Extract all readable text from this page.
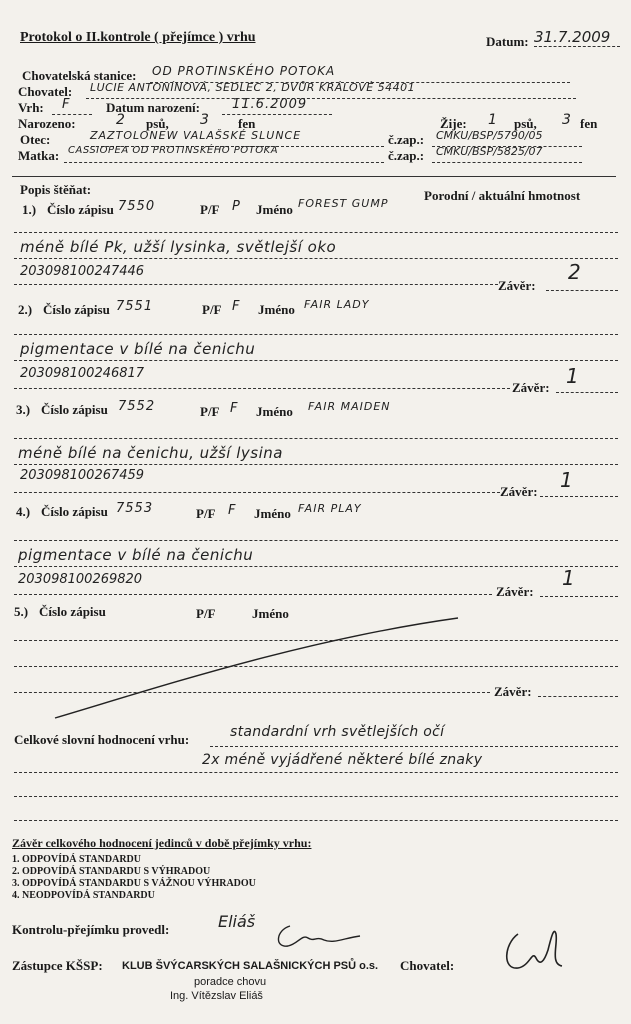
Protokol o II.kontrole ( přejímce ) vrhu	Datum: 31.7.2009
Chovatelská stanice: OD PROTINSKÉHO POTOKA
Chovatel: LUCIE ANTONÍNOVÁ, SEDLEC 2, DVŮR KRÁLOVÉ 54401
Vrh: F	Datum narození: 11.6.2009
Narozeno:	2 psů, 3 fen	Žije: 1 psů, 3 fen
Otec:	ZAZTOLONEW VALAŠSKÉ SLUNCE	č.zap.: CMKU/BSP/5790/05
Matka: CASSIOPEA OD PROTINSKÉHO POTOKA	č.zap.: CMKU/BSP/5825/07
Popis štěňat:	Porodní / aktuální hmotnost
1.) Číslo zápisu 7550	P/F P Jméno FOREST GUMP
méně bílé Pk, užší lysinka, světlejší oko
203098100247446
Závěr:
2
2.) Číslo zápisu 7551	P/F F Jméno FAIR LADY
pigmentace v bílé na čenichu
203098100246817
Závěr: 1
3.) Číslo zápisu 7552	P/F F Jméno FAIR MAIDEN
méně bílé na čenichu, užší lysina
203098100267459
Závěr: 1
4.) Číslo zápisu 7553	P/F F Jméno FAIR PLAY
pigmentace v bílé na čenichu
203098100269820
Závěr:
1
5.) Číslo zápisu	P/F	Jméno
Závěr:
Celkové slovní hodnocení vrhu:	standardní vrh světlejších očí
2x méně vyjádřené některé bílé znaky
Závěr celkového hodnocení jedinců v době přejímky vrhu:
1. ODPOVÍDÁ STANDARDU
2. ODPOVÍDÁ STANDARDU S VÝHRADOU
3. ODPOVÍDÁ STANDARDU S VÁŽNOU VÝHRADOU
4. NEODPOVÍDÁ STANDARDU
Kontrolu-přejímku provedl:	Eliáš
Zástupce KŠSP: KLUB ŠVÝCARSKÝCH SALAŠNICKÝCH PSŮ o.s.
poradce chovu
Ing. Vítězslav Eliáš
Chovatel:
